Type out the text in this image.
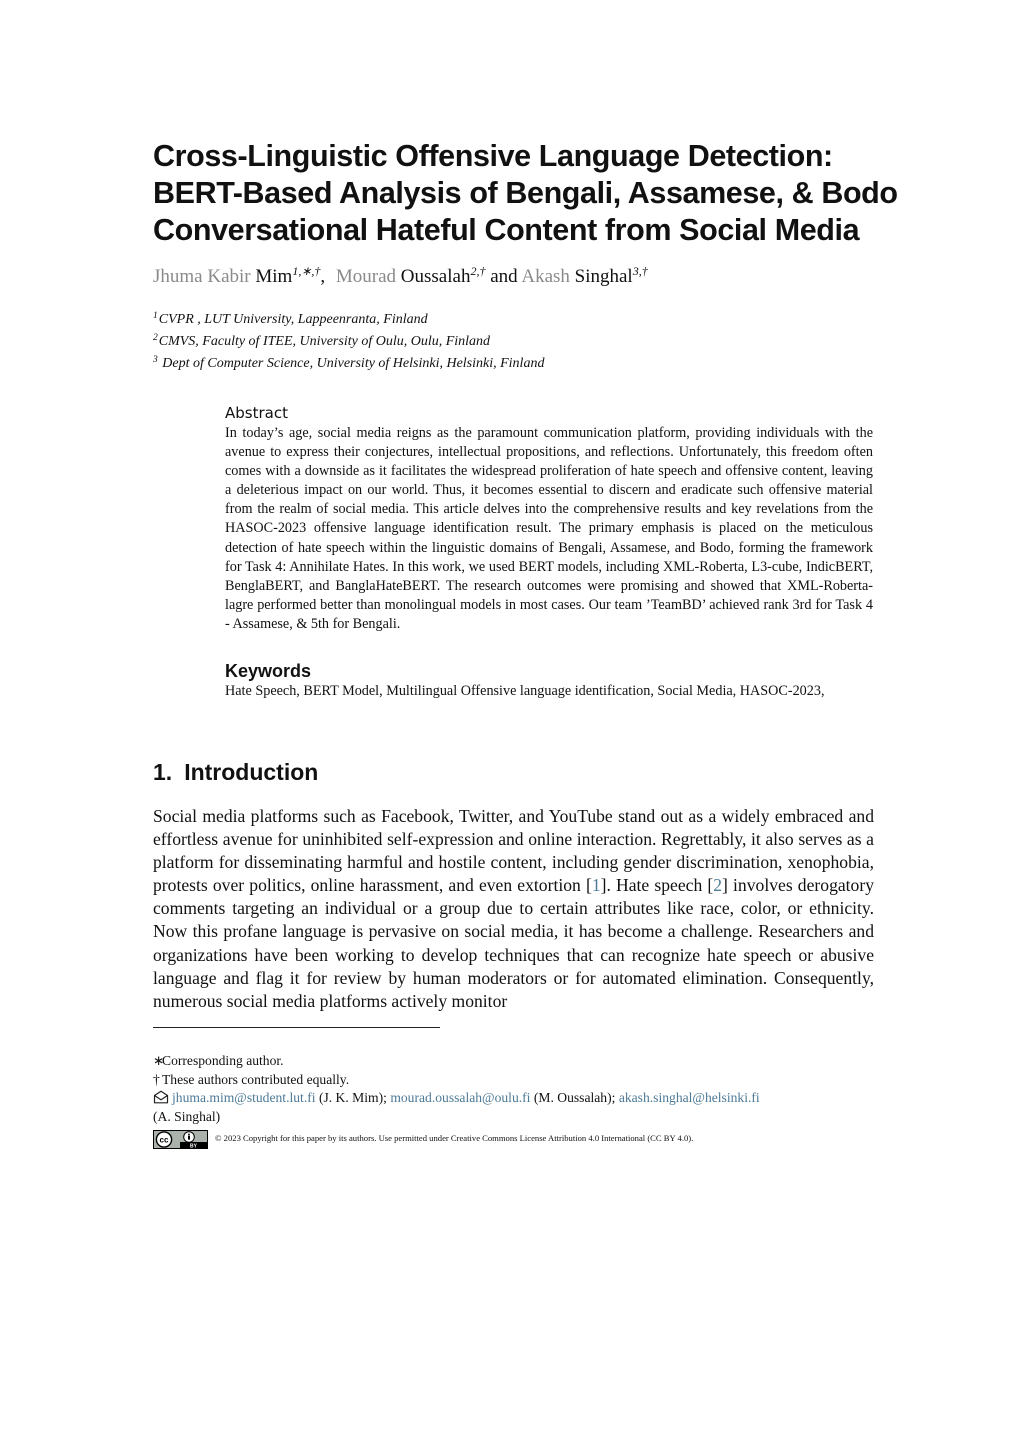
Cross-Linguistic Offensive Language Detection:
BERT-Based Analysis of Bengali, Assamese, & Bodo
Conversational Hateful Content from Social Media
Jhuma Kabir Mim$^{1,∗,\dagger}$, Mourad Oussalah$^{2,\dagger}$ and Akash Singhal$^{3,\dagger}$
$^1$CVPR , LUT University, Lappeenranta, Finland
$^2$CMVS, Faculty of ITEE, University of Oulu, Oulu, Finland
$^3$ Dept of Computer Science, University of Helsinki, Helsinki, Finland
Abstract

In today’s age, social media reigns as the paramount communication platform, providing individuals with the avenue to express their conjectures, intellectual propositions, and reflections. Unfortunately, this freedom often comes with a downside as it facilitates the widespread proliferation of hate speech and offensive content, leaving a deleterious impact on our world. Thus, it becomes essential to discern and eradicate such offensive material from the realm of social media. This article delves into the comprehensive results and key revelations from the HASOC-2023 offensive language identification result. The primary emphasis is placed on the meticulous detection of hate speech within the linguistic domains of Bengali, Assamese, and Bodo, forming the framework for Task 4: Annihilate Hates. In this work, we used BERT models, including XML-Roberta, L3-cube, IndicBERT, BenglaBERT, and BanglaHateBERT. The research outcomes were promising and showed that XML-Roberta-lagre performed better than monolingual models in most cases. Our team ’TeamBD’ achieved rank 3rd for Task 4 - Assamese, & 5th for Bengali.

Keywords
Hate Speech, BERT Model, Multilingual Offensive language identification, Social Media, HASOC-2023,
1. Introduction

Social media platforms such as Facebook, Twitter, and YouTube stand out as a widely embraced and effortless avenue for uninhibited self-expression and online interaction. Regrettably, it also serves as a platform for disseminating harmful and hostile content, including gender discrimination, xenophobia, protests over politics, online harassment, and even extortion [1]. Hate speech [2] involves derogatory comments targeting an individual or a group due to certain attributes like race, color, or ethnicity. Now this profane language is pervasive on social media, it has become a challenge. Researchers and organizations have been working to develop techniques that can recognize hate speech or abusive language and flag it for review by human moderators or for automated elimination. Consequently, numerous social media platforms actively monitor

∗Corresponding author.
† These authors contributed equally.
jhuma.mim@student.lut.fi (J. K. Mim); mourad.oussalah@oulu.fi (M. Oussalah); akash.singhal@helsinki.fi
(A. Singhal)
cc
BY
© 2023 Copyright for this paper by its authors. Use permitted under Creative Commons License Attribution 4.0 International (CC BY 4.0).
